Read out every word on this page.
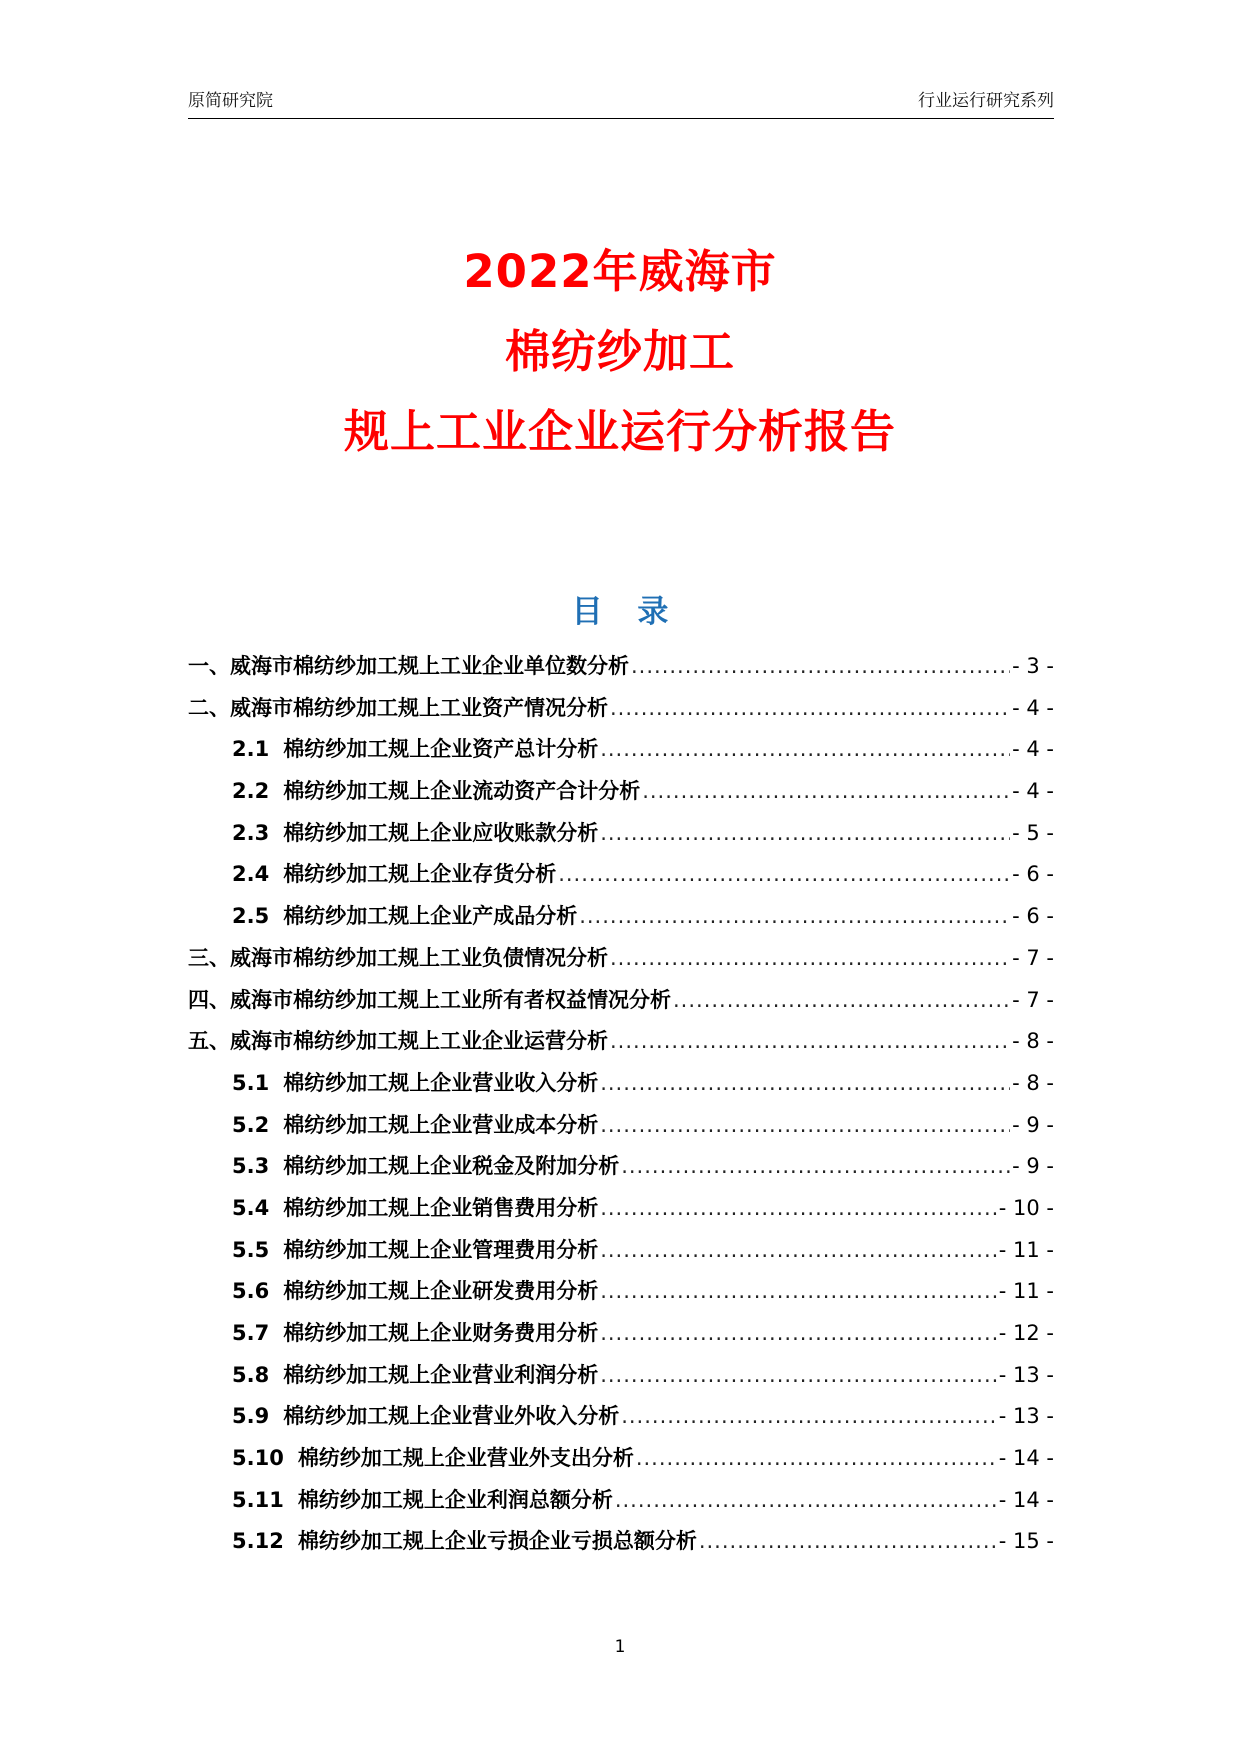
原简研究院	行业运行研究系列
2022年威海市
棉纺纱加工
规上工业企业运行分析报告
目 录
一、威海市棉纺纱加工规上工业企业单位数分析 .....	- 3 -
二、威海市棉纺纱加工规上工业资产情况分析 .....	- 4 -
2.1 棉纺纱加工规上企业资产总计分析 .....	- 4 -
2.2 棉纺纱加工规上企业流动资产合计分析 .....	- 4 -
2.3 棉纺纱加工规上企业应收账款分析 .....	- 5 -
2.4 棉纺纱加工规上企业存货分析 .....	- 6 -
2.5 棉纺纱加工规上企业产成品分析 .....	- 6 -
三、威海市棉纺纱加工规上工业负债情况分析 .....	- 7 -
四、威海市棉纺纱加工规上工业所有者权益情况分析 .....	- 7 -
五、威海市棉纺纱加工规上工业企业运营分析 .....	- 8 -
5.1 棉纺纱加工规上企业营业收入分析 .....	- 8 -
5.2 棉纺纱加工规上企业营业成本分析 .....	- 9 -
5.3 棉纺纱加工规上企业税金及附加分析 .....	- 9 -
5.4 棉纺纱加工规上企业销售费用分析 .....	- 10 -
5.5 棉纺纱加工规上企业管理费用分析 .....	- 11 -
5.6 棉纺纱加工规上企业研发费用分析 .....	- 11 -
5.7 棉纺纱加工规上企业财务费用分析 .....	- 12 -
5.8 棉纺纱加工规上企业营业利润分析 .....	- 13 -
5.9 棉纺纱加工规上企业营业外收入分析 .....	- 13 -
5.10 棉纺纱加工规上企业营业外支出分析 .....	- 14 -
5.11 棉纺纱加工规上企业利润总额分析 .....	- 14 -
5.12 棉纺纱加工规上企业亏损企业亏损总额分析 .....	- 15 -
1
